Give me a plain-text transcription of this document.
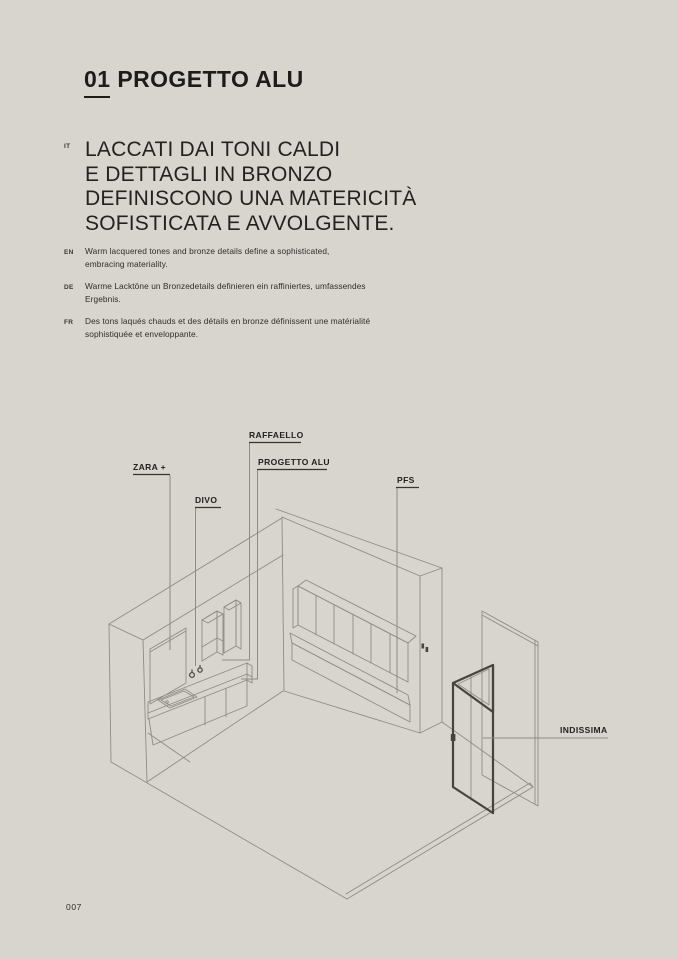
01 PROGETTO ALU
IT LACCATI DAI TONI CALDI
E DETTAGLI IN BRONZO
DEFINISCONO UNA MATERICITÀ
SOFISTICATA E AVVOLGENTE.
EN Warm lacquered tones and bronze details define a sophisticated,
embracing materiality.
DE Warme Lacktöne un Bronzedetails definieren ein raffiniertes, umfassendes
Ergebnis.
FR Des tons laqués chauds et des détails en bronze définissent une matérialité
sophistiquée et enveloppante.
ZARA +
DIVO
RAFFAELLO
PROGETTO ALU
PFS
INDISSIMA
007
